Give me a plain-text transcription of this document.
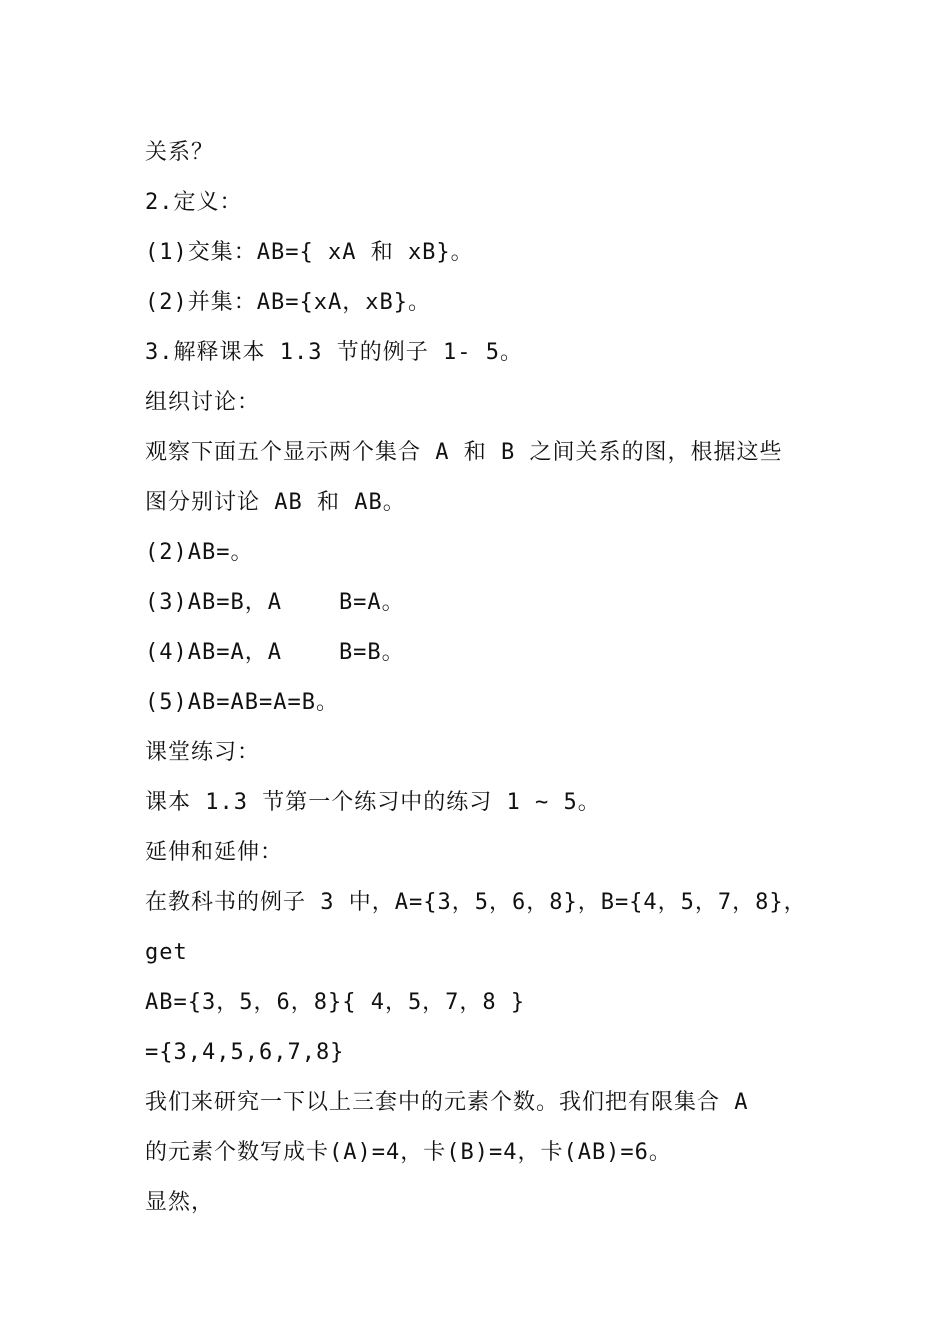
关系？
2.定义：
(1)交集：AB={ xA 和 xB}。
(2)并集：AB={xA，xB}。
3.解释课本 1.3 节的例子 1- 5。
组织讨论：
观察下面五个显示两个集合 A 和 B 之间关系的图，根据这些
图分别讨论 AB 和 AB。
(2)AB=。
(3)AB=B，A    B=A。
(4)AB=A，A    B=B。
(5)AB=AB=A=B。
课堂练习：
课本 1.3 节第一个练习中的练习 1 ~ 5。
延伸和延伸：
在教科书的例子 3 中，A={3，5，6，8}，B={4，5，7，8}，
get
AB={3，5，6，8}{ 4，5，7，8 }
={3,4,5,6,7,8}
我们来研究一下以上三套中的元素个数。我们把有限集合 A
的元素个数写成卡(A)=4，卡(B)=4，卡(AB)=6。
显然，
